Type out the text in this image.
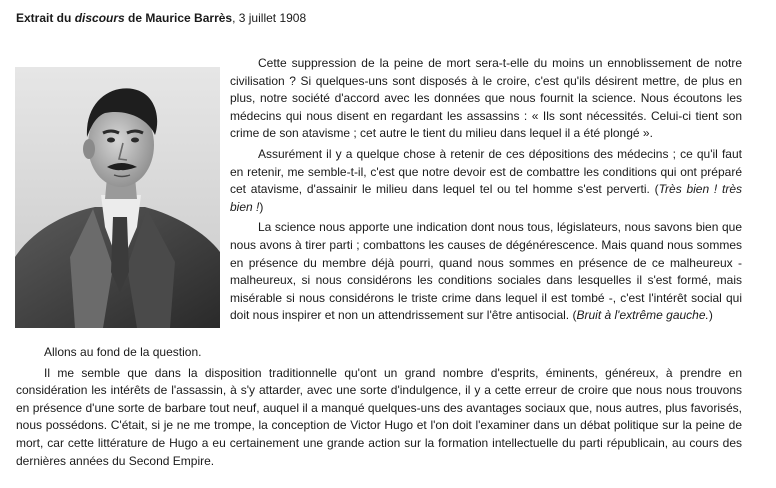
Extrait du discours de Maurice Barrès, 3 juillet 1908

Cette suppression de la peine de mort sera-t-elle du moins un ennoblissement de notre civilisation ? Si quelques-uns sont disposés à le croire, c'est qu'ils désirent mettre, de plus en plus, notre société d'accord avec les données que nous fournit la science. Nous écoutons les médecins qui nous disent en regardant les assassins : « Ils sont nécessités. Celui-ci tient son crime de son atavisme ; cet autre le tient du milieu dans lequel il a été plongé ».

Assurément il y a quelque chose à retenir de ces dépositions des médecins ; ce qu'il faut en retenir, me semble-t-il, c'est que notre devoir est de combattre les conditions qui ont préparé cet atavisme, d'assainir le milieu dans lequel tel ou tel homme s'est perverti. (Très bien ! très bien !)

La science nous apporte une indication dont nous tous, législateurs, nous savons bien que nous avons à tirer parti ; combattons les causes de dégénérescence. Mais quand nous sommes en présence du membre déjà pourri, quand nous sommes en présence de ce malheureux - malheureux, si nous considérons les conditions sociales dans lesquelles il s'est formé, mais misérable si nous considérons le triste crime dans lequel il est tombé -, c'est l'intérêt social qui doit nous inspirer et non un attendrissement sur l'être antisocial. (Bruit à l'extrême gauche.)

Allons au fond de la question.

Il me semble que dans la disposition traditionnelle qu'ont un grand nombre d'esprits, éminents, généreux, à prendre en considération les intérêts de l'assassin, à s'y attarder, avec une sorte d'indulgence, il y a cette erreur de croire que nous nous trouvons en présence d'une sorte de barbare tout neuf, auquel il a manqué quelques-uns des avantages sociaux que, nous autres, plus favorisés, nous possédons. C'était, si je ne me trompe, la conception de Victor Hugo et l'on doit l'examiner dans un débat politique sur la peine de mort, car cette littérature de Hugo a eu certainement une grande action sur la formation intellectuelle du parti républicain, au cours des dernières années du Second Empire.
